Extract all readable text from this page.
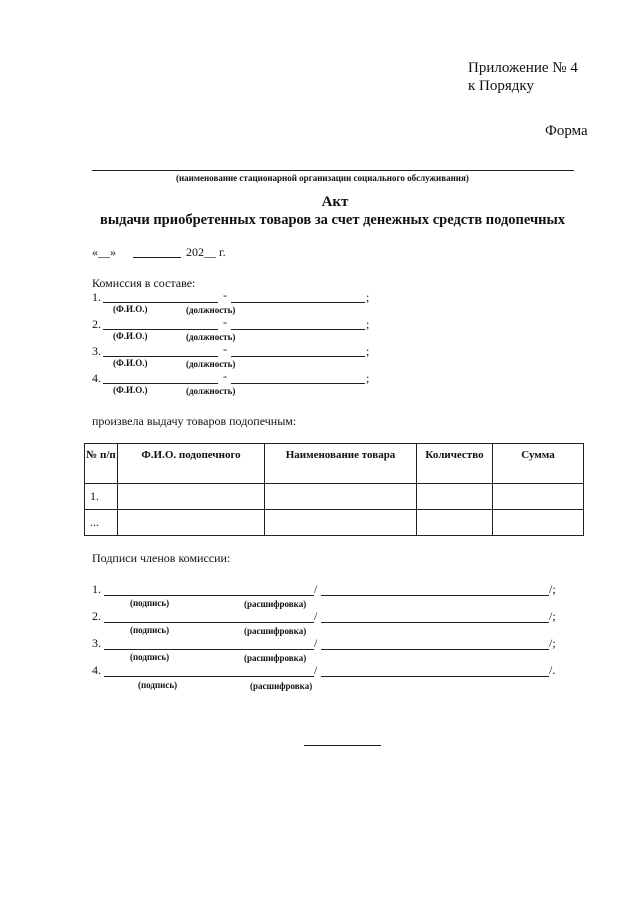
Приложение № 4
к Порядку
Форма
(наименование стационарной организации социального обслуживания)
Акт
выдачи приобретенных товаров за счет денежных средств подопечных
«__»	202__ г.
Комиссия в составе:
1.	-	;
(Ф.И.О.)	(должность)
2.	-	;
(Ф.И.О.)	(должность)
3.	-	;
(Ф.И.О.)	(должность)
4.	-	;
(Ф.И.О.)	(должность)
произвела выдачу товаров подопечным:
№ п/п	Ф.И.О. подопечного	Наименование товара	Количество	Сумма
1.				
...				
Подписи членов комиссии:
1.	/	/;
(подпись)	(расшифровка)
2.	/	/;
(подпись)	(расшифровка)
3.	/	/;
(подпись)	(расшифровка)
4.	/	/.
(подпись)	(расшифровка)
